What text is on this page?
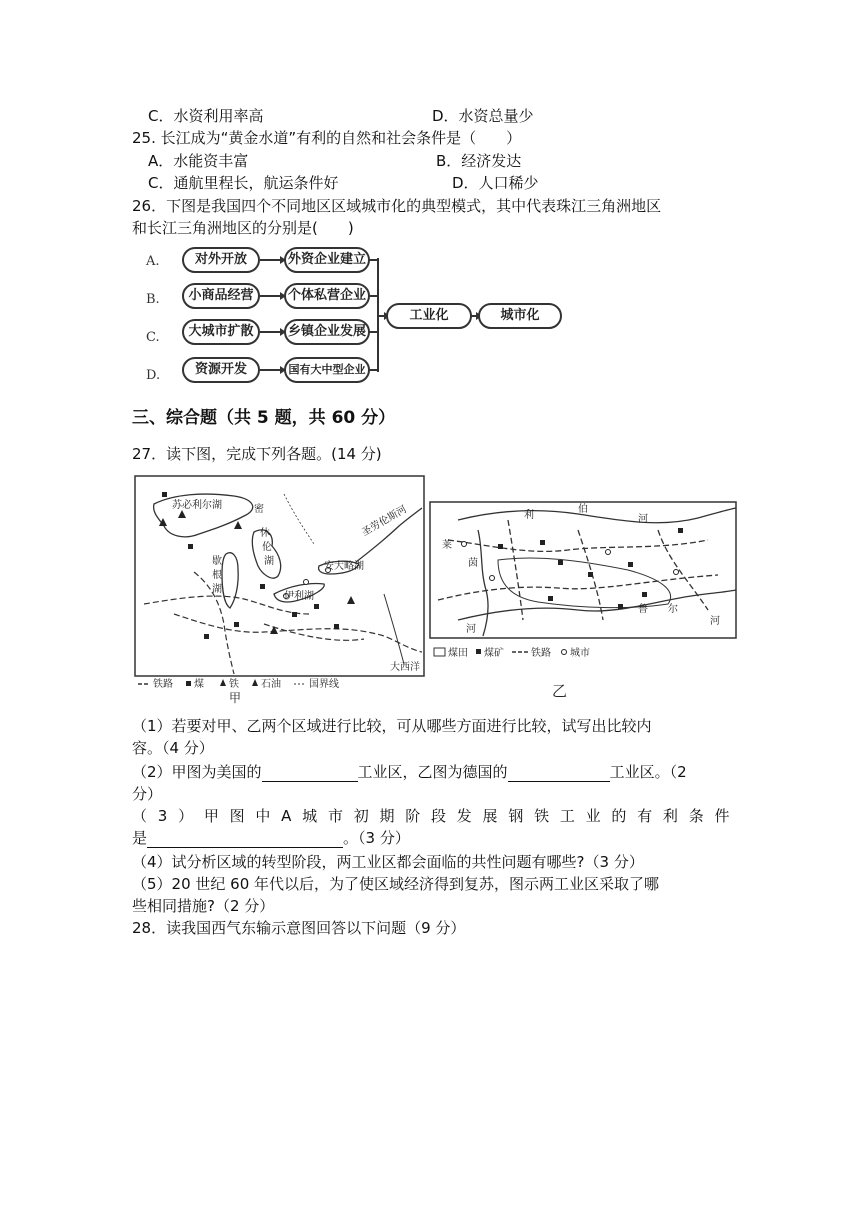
C．水资利用率高	D．水资总量少
25. 长江成为“黄金水道”有利的自然和社会条件是（　　）
A．水能资丰富	B．经济发达
C．通航里程长，航运条件好	D．人口稀少
26．下图是我国四个不同地区区域城市化的典型模式，其中代表珠江三角洲地区
和长江三角洲地区的分别是(　　)
A.	对外开放	外资企业建立
B.	小商品经营	个体私营企业
C.	大城市扩散	乡镇企业发展
D.	资源开发	国有大中型企业
工业化	城市化
三、综合题（共 5 题，共 60 分）
27．读下图，完成下列各题。(14 分)
苏必利尔湖	密
休
伦
歇
根
湖
湖
圣劳伦斯河
安大略湖
伊利湖
大西洋
铁路 煤	铁 石油	国界线
甲
利
伯
河
莱
茵
鲁 尔
河
河
煤田 煤矿	铁路 城市
乙
（1）若要对甲、乙两个区域进行比较，可从哪些方面进行比较，试写出比较内
容。（4 分）
（2）甲图为美国的	工业区，乙图为德国的	工业区。（2
分）
（ 3 ） 甲 图 中 A 城 市 初 期 阶 段 发 展 钢 铁 工 业 的 有 利 条 件
是	。（3 分）
（4）试分析区域的转型阶段，两工业区都会面临的共性问题有哪些?（3 分）
（5）20 世纪 60 年代以后，为了使区域经济得到复苏，图示两工业区采取了哪
些相同措施?（2 分）
28．读我国西气东输示意图回答以下问题（9 分）
